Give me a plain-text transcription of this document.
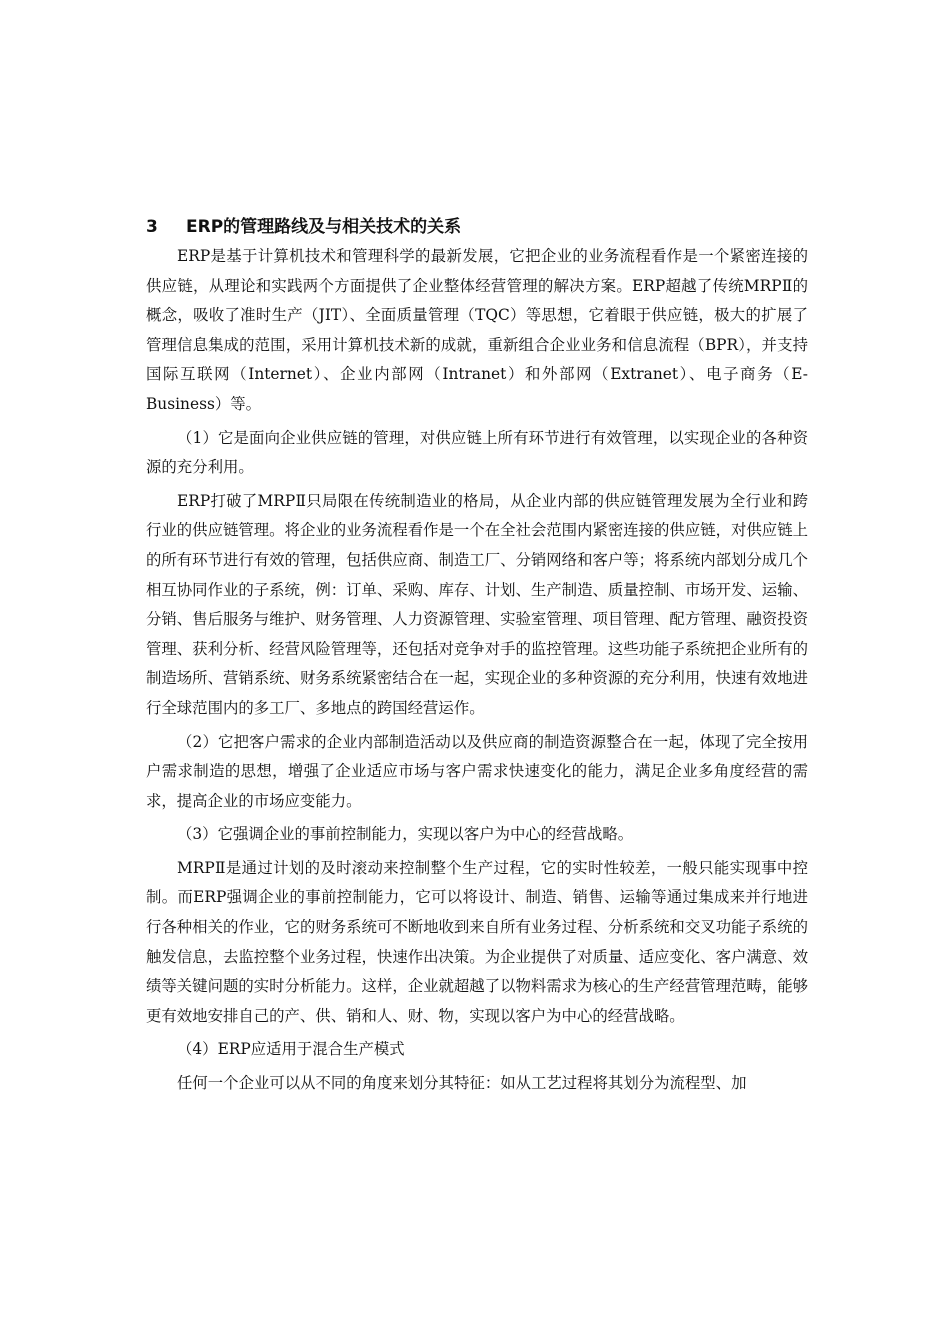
3 ERP的管理路线及与相关技术的关系

ERP是基于计算机技术和管理科学的最新发展，它把企业的业务流程看作是一个紧密连接的供应链，从理论和实践两个方面提供了企业整体经营管理的解决方案。ERP超越了传统MRPⅡ的概念，吸收了准时生产（JIT）、全面质量管理（TQC）等思想，它着眼于供应链，极大的扩展了管理信息集成的范围，采用计算机技术新的成就，重新组合企业业务和信息流程（BPR），并支持国际互联网（Internet）、企业内部网（Intranet）和外部网（Extranet）、电子商务（E-Business）等。

（1）它是面向企业供应链的管理，对供应链上所有环节进行有效管理，以实现企业的各种资源的充分利用。

ERP打破了MRPⅡ只局限在传统制造业的格局，从企业内部的供应链管理发展为全行业和跨行业的供应链管理。将企业的业务流程看作是一个在全社会范围内紧密连接的供应链，对供应链上的所有环节进行有效的管理，包括供应商、制造工厂、分销网络和客户等；将系统内部划分成几个相互协同作业的子系统，例：订单、采购、库存、计划、生产制造、质量控制、市场开发、运输、分销、售后服务与维护、财务管理、人力资源管理、实验室管理、项目管理、配方管理、融资投资管理、获利分析、经营风险管理等，还包括对竞争对手的监控管理。这些功能子系统把企业所有的制造场所、营销系统、财务系统紧密结合在一起，实现企业的多种资源的充分利用，快速有效地进行全球范围内的多工厂、多地点的跨国经营运作。

（2）它把客户需求的企业内部制造活动以及供应商的制造资源整合在一起，体现了完全按用户需求制造的思想，增强了企业适应市场与客户需求快速变化的能力，满足企业多角度经营的需求，提高企业的市场应变能力。

（3）它强调企业的事前控制能力，实现以客户为中心的经营战略。

MRPⅡ是通过计划的及时滚动来控制整个生产过程，它的实时性较差，一般只能实现事中控制。而ERP强调企业的事前控制能力，它可以将设计、制造、销售、运输等通过集成来并行地进行各种相关的作业，它的财务系统可不断地收到来自所有业务过程、分析系统和交叉功能子系统的触发信息，去监控整个业务过程，快速作出决策。为企业提供了对质量、适应变化、客户满意、效绩等关键问题的实时分析能力。这样，企业就超越了以物料需求为核心的生产经营管理范畴，能够更有效地安排自己的产、供、销和人、财、物，实现以客户为中心的经营战略。

（4）ERP应适用于混合生产模式

任何一个企业可以从不同的角度来划分其特征：如从工艺过程将其划分为流程型、加
